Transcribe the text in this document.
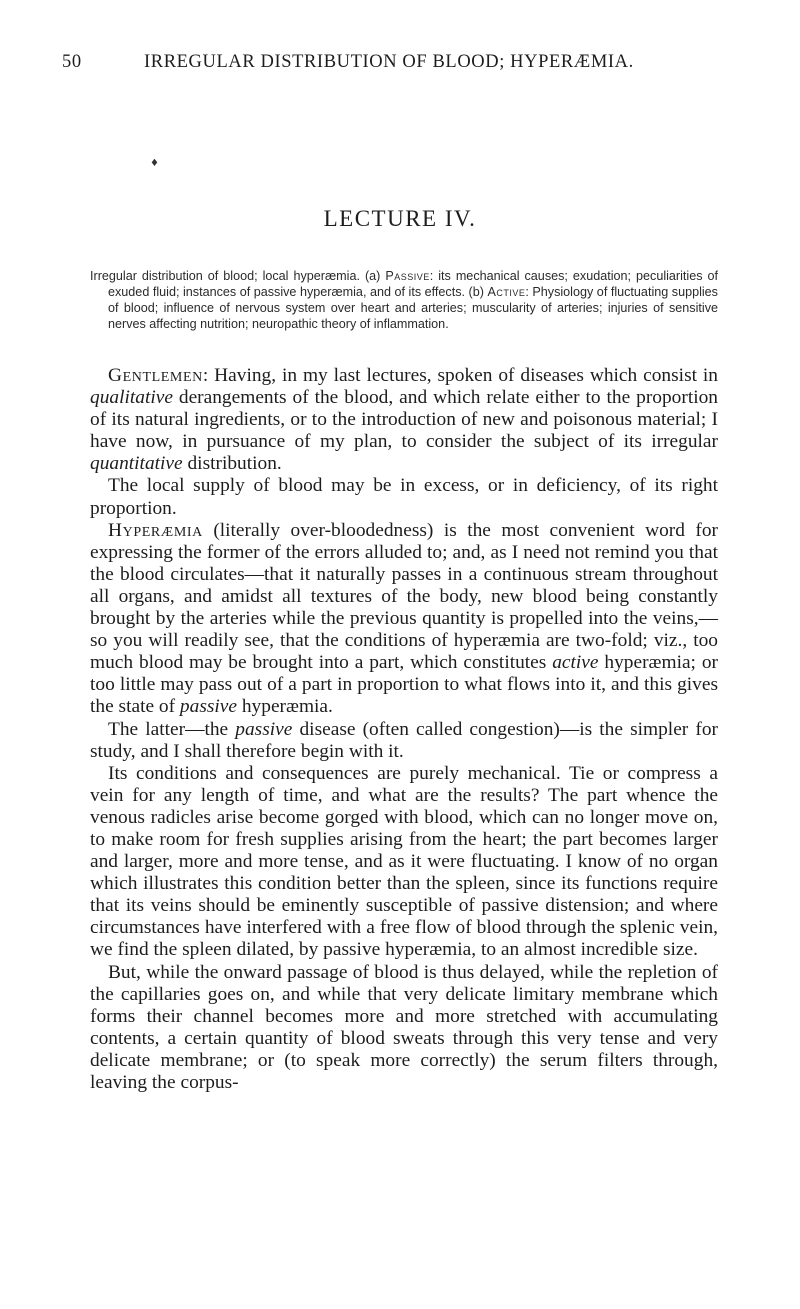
50	IRREGULAR DISTRIBUTION OF BLOOD; HYPERÆMIA.
♦
LECTURE IV.
Irregular distribution of blood; local hyperæmia. (a) Passive: its mechanical causes; exudation; peculiarities of exuded fluid; instances of passive hyperæmia, and of its effects. (b) Active: Physiology of fluctuating supplies of blood; influence of nervous system over heart and arteries; muscularity of arteries; injuries of sensitive nerves affecting nutrition; neuropathic theory of inflammation.

Gentlemen: Having, in my last lectures, spoken of diseases which consist in qualitative derangements of the blood, and which relate either to the proportion of its natural ingredients, or to the introduction of new and poisonous material; I have now, in pursuance of my plan, to consider the subject of its irregular quantitative distribution.

The local supply of blood may be in excess, or in deficiency, of its right proportion.

Hyperæmia (literally over-bloodedness) is the most convenient word for expressing the former of the errors alluded to; and, as I need not remind you that the blood circulates—that it naturally passes in a continuous stream throughout all organs, and amidst all textures of the body, new blood being constantly brought by the arteries while the previous quantity is propelled into the veins,—so you will readily see, that the conditions of hyperæmia are two-fold; viz., too much blood may be brought into a part, which constitutes active hyperæmia; or too little may pass out of a part in proportion to what flows into it, and this gives the state of passive hyperæmia.

The latter—the passive disease (often called congestion)—is the simpler for study, and I shall therefore begin with it.

Its conditions and consequences are purely mechanical. Tie or compress a vein for any length of time, and what are the results? The part whence the venous radicles arise become gorged with blood, which can no longer move on, to make room for fresh supplies arising from the heart; the part becomes larger and larger, more and more tense, and as it were fluctuating. I know of no organ which illustrates this condition better than the spleen, since its functions require that its veins should be eminently susceptible of passive distension; and where circumstances have interfered with a free flow of blood through the splenic vein, we find the spleen dilated, by passive hyperæmia, to an almost incredible size.

But, while the onward passage of blood is thus delayed, while the repletion of the capillaries goes on, and while that very delicate limitary membrane which forms their channel becomes more and more stretched with accumulating contents, a certain quantity of blood sweats through this very tense and very delicate membrane; or (to speak more correctly) the serum filters through, leaving the corpus-
